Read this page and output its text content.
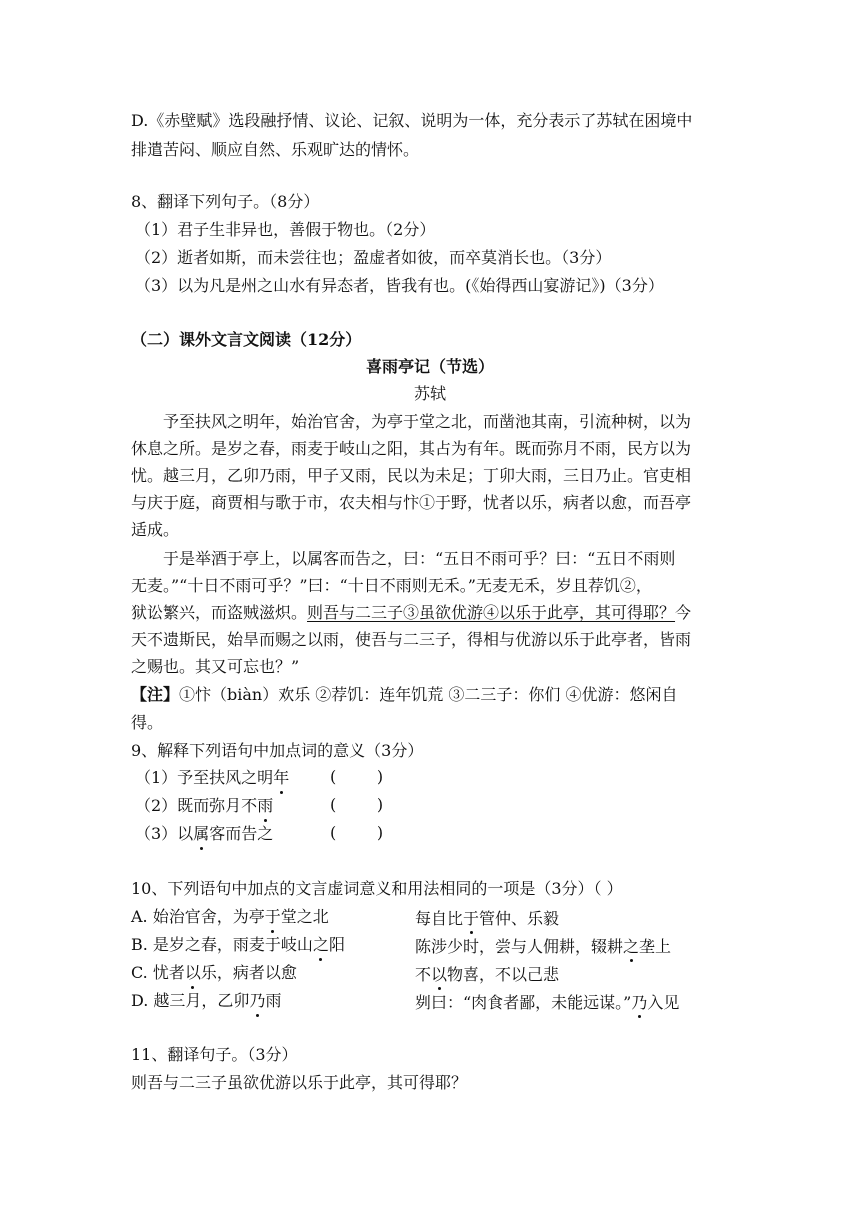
D.《赤壁赋》选段融抒情、议论、记叙、说明为一体，充分表示了苏轼在困境中
排遣苦闷、顺应自然、乐观旷达的情怀。
8、翻译下列句子。（8分）
（1）君子生非异也，善假于物也。（2分）
（2）逝者如斯，而未尝往也；盈虚者如彼，而卒莫消长也。（3分）
（3）以为凡是州之山水有异态者，皆我有也。(《始得西山宴游记》)（3分）
（二）课外文言文阅读（12分）
喜雨亭记（节选）
苏轼
予至扶风之明年，始治官舍，为亭于堂之北，而凿池其南，引流种树，以为
休息之所。是岁之春，雨麦于岐山之阳，其占为有年。既而弥月不雨，民方以为
忧。越三月，乙卯乃雨，甲子又雨，民以为未足；丁卯大雨，三日乃止。官吏相
与庆于庭，商贾相与歌于市，农夫相与忭①于野，忧者以乐，病者以愈，而吾亭
适成。
于是举酒于亭上，以属客而告之，曰：“五日不雨可乎？曰：“五日不雨则
无麦。”“十日不雨可乎？”曰：“十日不雨则无禾。”无麦无禾，岁且荐饥②，
狱讼繁兴，而盗贼滋炽。则吾与二三子③虽欲优游④以乐于此亭，其可得耶？今
天不遗斯民，始旱而赐之以雨，使吾与二三子，得相与优游以乐于此亭者，皆雨
之赐也。其又可忘也？”
【注】①忭（biàn）欢乐 ②荐饥：连年饥荒 ③二三子：你们 ④优游：悠闲自
得。
9、解释下列语句中加点词的意义（3分）
（1）予至扶风之明年	(        )
（2）既而弥月不雨	(        )
（3）以属客而告之	(        )
10、下列语句中加点的文言虚词意义和用法相同的一项是（3分）（ ）
A. 始治官舍，为亭于堂之北	每自比于管仲、乐毅
B. 是岁之春，雨麦于岐山之阳	陈涉少时，尝与人佣耕，辍耕之垄上
C. 忧者以乐，病者以愈	不以物喜，不以己悲
D. 越三月，乙卯乃雨	刿曰：“肉食者鄙，未能远谋。”乃入见
11、翻译句子。（3分）
则吾与二三子虽欲优游以乐于此亭，其可得耶？
